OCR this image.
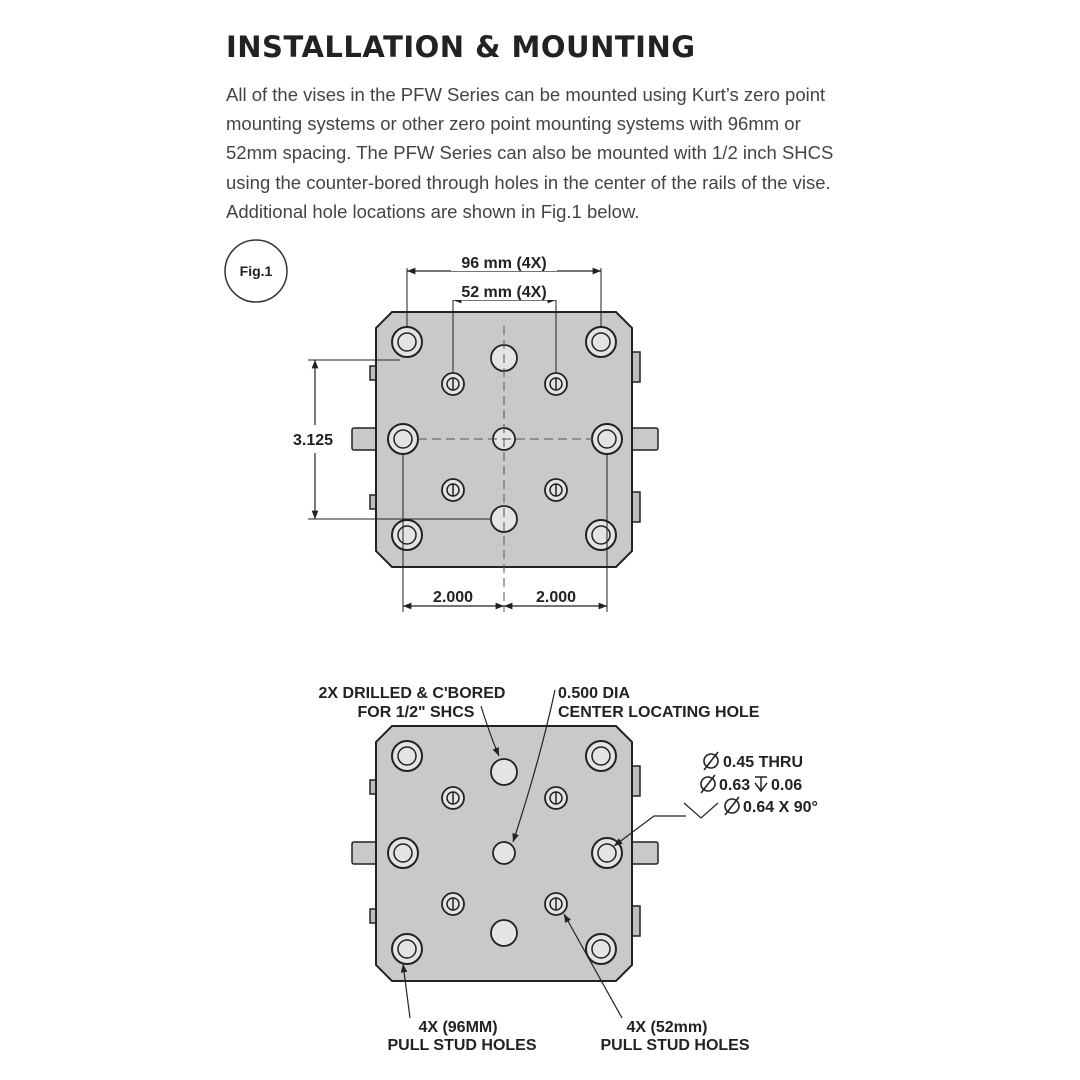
INSTALLATION & MOUNTING
All of the vises in the PFW Series can be mounted using Kurt’s zero point
mounting systems or other zero point mounting systems with 96mm or
52mm spacing. The PFW Series can also be mounted with 1/2 inch SHCS
using the counter-bored through holes in the center of the rails of the vise.
Additional hole locations are shown in Fig.1 below.
Fig.1	96 mm (4X)
52 mm (4X)
3.125
2.000	2.000
2X DRILLED & C'BORED
FOR 1/2" SHCS
0.500 DIA
CENTER LOCATING HOLE
0.45 THRU
0.63 0.06
0.64 X 90°
4X (96MM)
PULL STUD HOLES
4X (52mm)
PULL STUD HOLES
